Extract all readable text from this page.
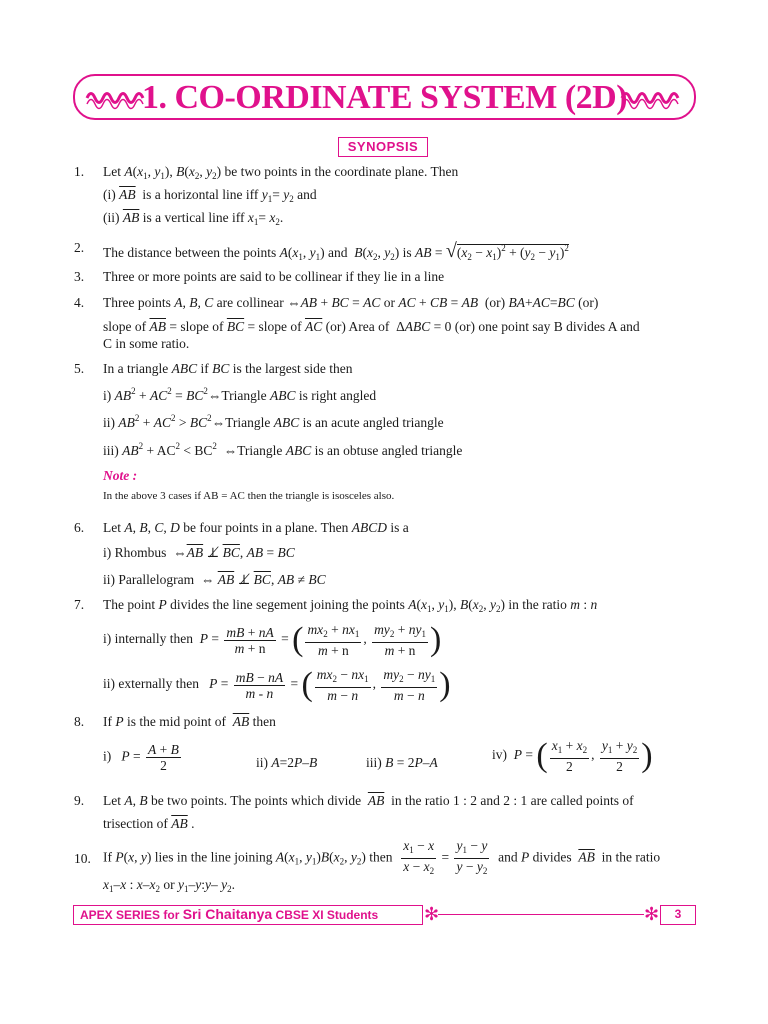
1. CO-ORDINATE SYSTEM (2D)
SYNOPSIS
1. Let $A(x_1$, $y_1$), $B(x_2$, $y_2$) be two points in the coordinate plane. Then
(i) $\overline{AB}$  is a horizontal line iff $y_1= y_2$ and
(ii) $\overline{AB}$ is a vertical line iff $x_1= x_2$.
2. The distance between the points $A(x_1$, $y_1$) and  $B(x_2$, $y_2$) is AB = $√(x_2 - x_1)^2 + (y_2 - y_1)^2$
3. Three or more points are said to be collinear if they lie in a line
4. Three points A, B, C are collinear ⇔AB + BC = AC or AC + CB = AB  (or) BA+AC=BC (or)
slope of $\overline{AB}$ = slope of $\overline{BC}$ = slope of $\overline{AC}$ (or) Area of  ΔABC = 0 (or) one point say B divides A and
C in some ratio.
5. In a triangle ABC if BC is the largest side then
i) $AB^2 + AC^2$ = $BC^2\Leftrightarrow Triangle$ ABC is right angled
ii) $AB^2 + AC^2$ > $BC^2\Leftrightarrow Triangle$ ABC is an acute angled triangle
iii) $AB^2 + AC^2 < BC^2$  ⇔Triangle ABC is an obtuse angled triangle
Note :
In the above 3 cases if AB = AC then the triangle is isosceles also.
6. Let A, B, C, D be four points in a plane. Then ABCD is a
i) Rhombus  $\Leftrightarrow\overline{AB}$ ⊥̸ $\overline{BC}$, AB = BC
ii) Parallelogram  ⇔ $\overline{AB}$ ⊥̸ $\overline{BC}$, AB ≠ BC
7. The point P divides the line segement joining the points $A(x_1$, $y_1$), $B(x_2$, $y_2$) in the ratio m : n
i) internally then  $P = \frac{mB + nA}{m + n}$ = ( $\frac{mx_2 + nx_1}{m + n}$ , $\frac{my_2 + ny_1}{m + n}$ )
ii) externally then   $P = \frac{mB - nA}{m - n}$ = ( $\frac{mx_2 - nx_1}{m - n}$ , $\frac{my_2 - ny_1}{m - n}$ )
8. If P is the mid point of  $\overline{AB}$ then
i)   $P = \frac{A + B}{2}$	ii) A=2P–B	iii) B = 2P–A
iv)  P = ( $\frac{x_1 + x_2}{2}$ , $\frac{y_1 + y_2}{2}$ )
9. Let A, B be two points. The points which divide  $\overline{AB}$  in the ratio 1 : 2 and 2 : 1 are called points of
trisection of $\overline{AB}$ .
10. If P(x, y) lies in the line joining $A(x_1$, $y_1)B(x_2$, $y_2$) then $\frac{x_1 - x}{x - x_2} = \frac{y_1 - y}{y - y_2}$ and P divides  $\overline{AB}$  in the ratio
$x_1-x$ : $x-x_2$ or $y_1-y:y-$ $y_2$.
APEX SERIES for Sri Chaitanya CBSE XI Students	✻	✻	3
